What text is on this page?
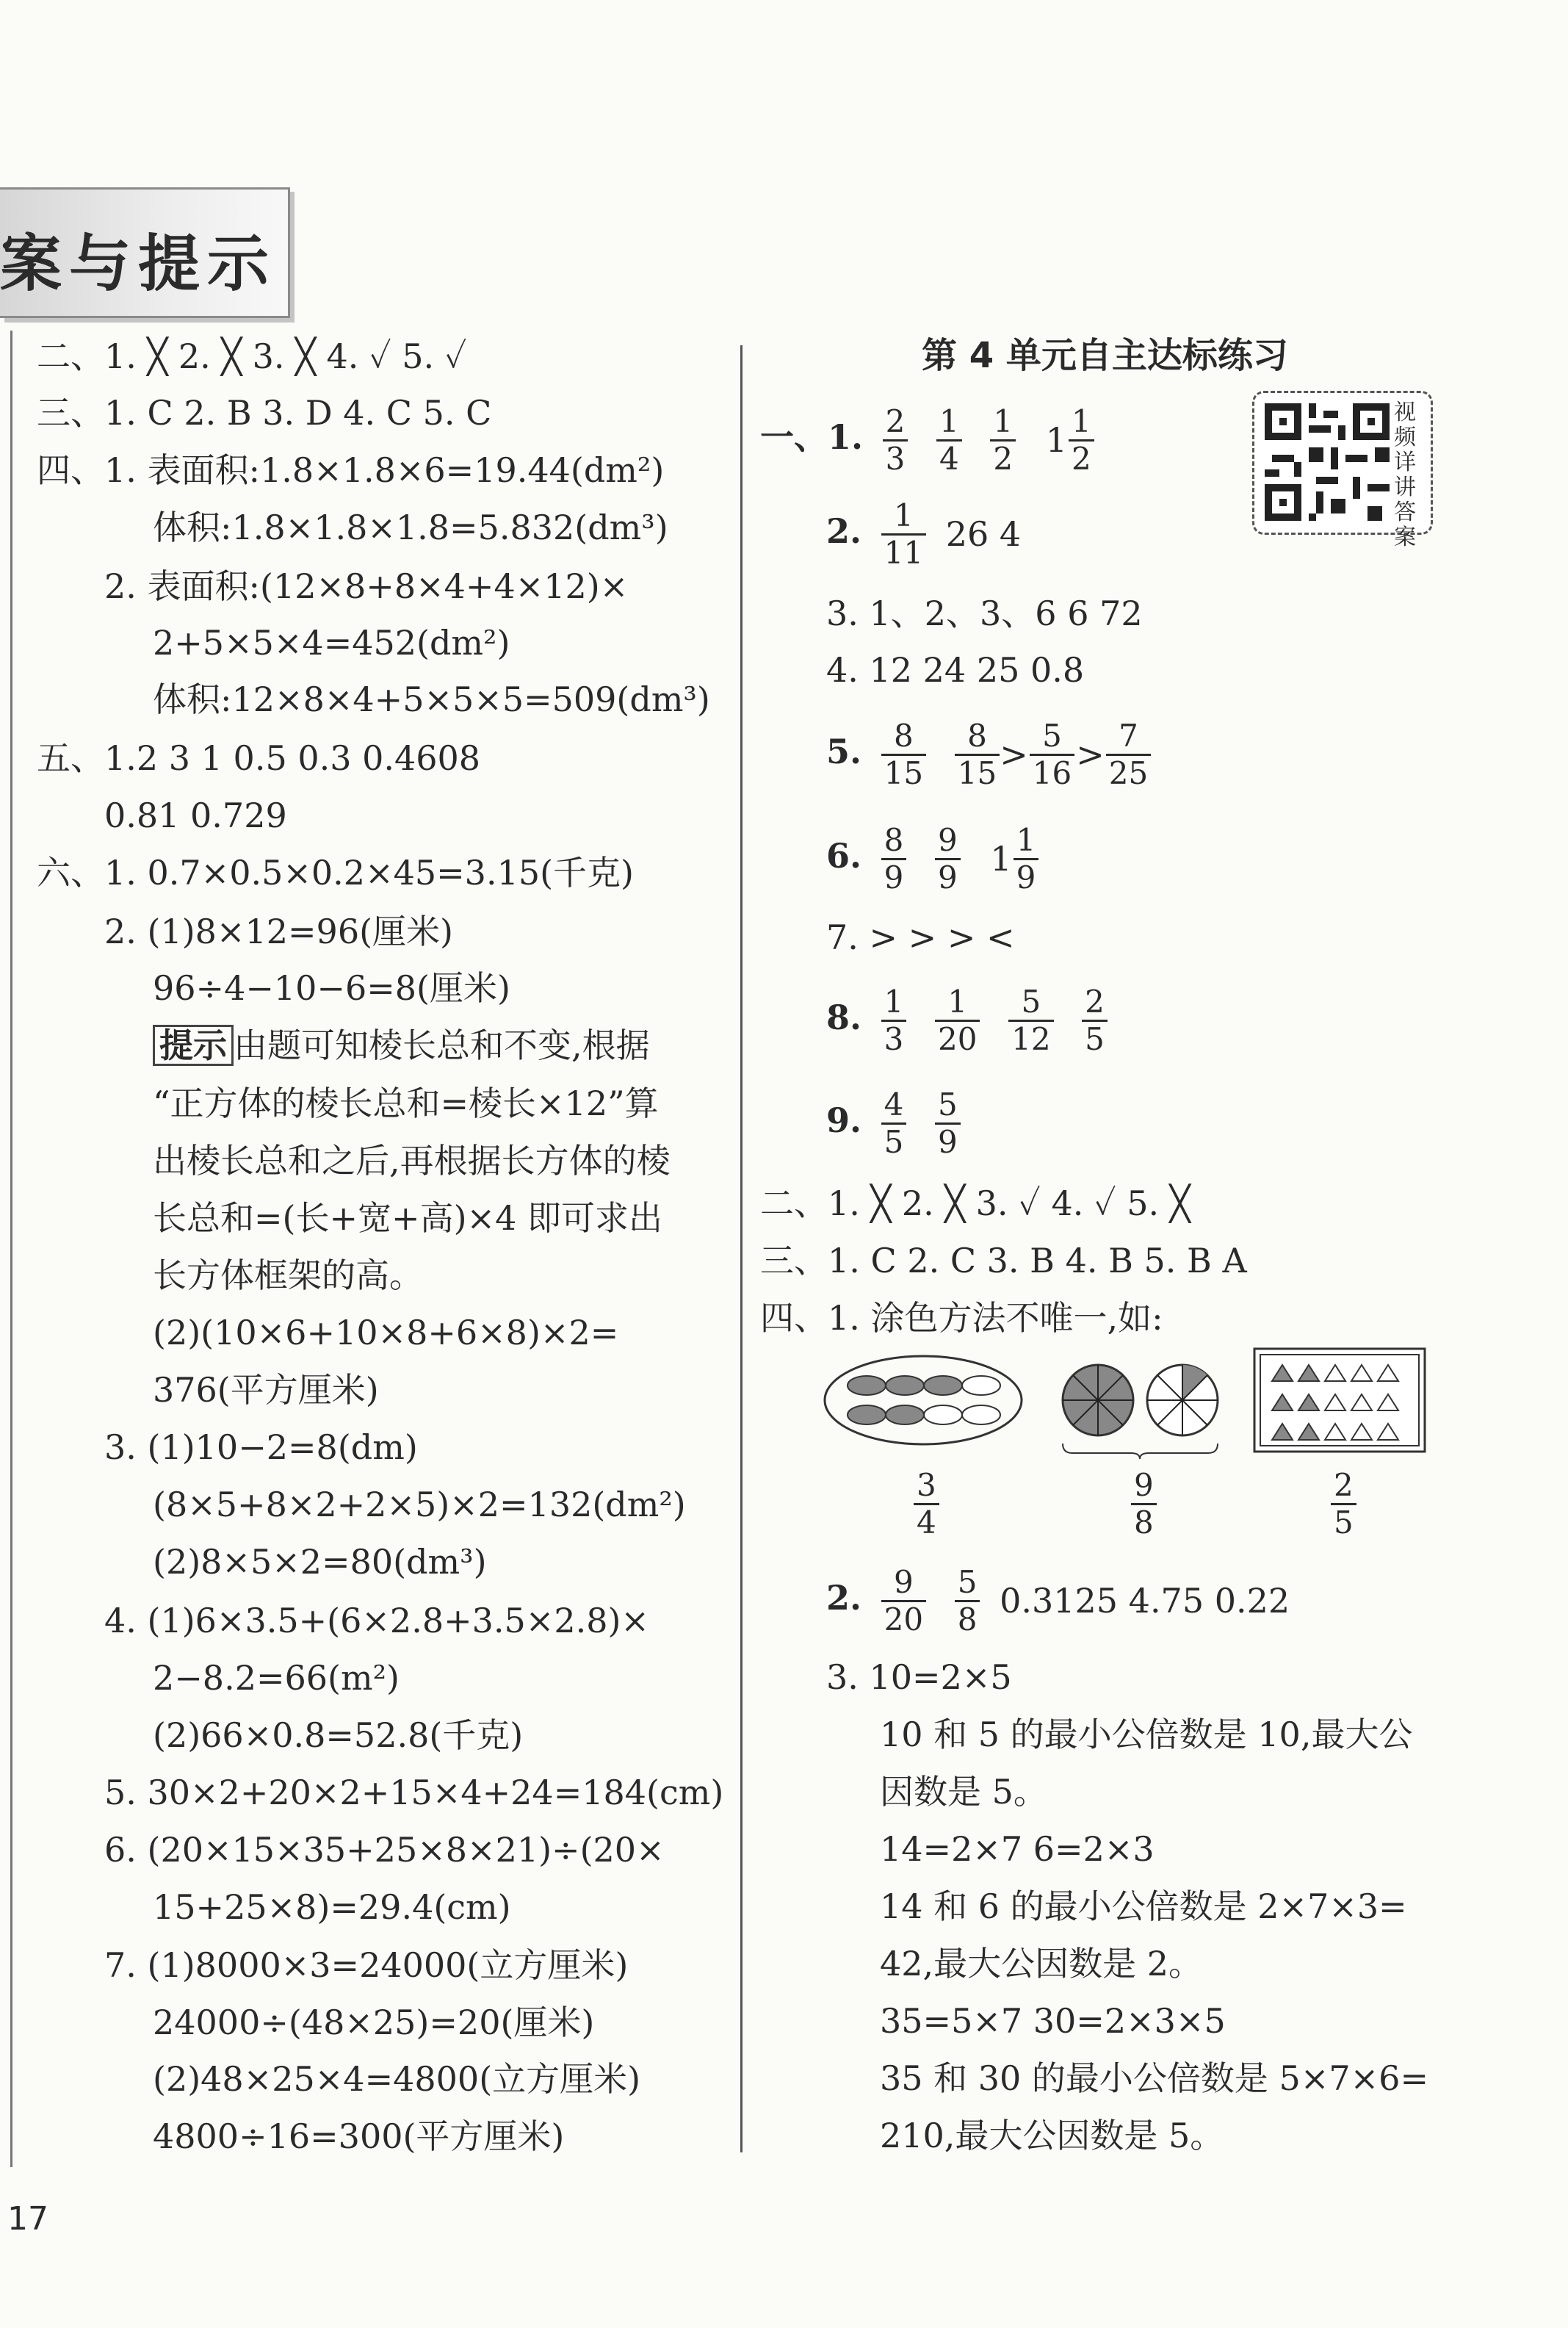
案与提示
二、1. ╳ 2. ╳ 3. ╳ 4. ✓ 5. ✓
三、1. C 2. B 3. D 4. C 5. C
四、1. 表面积:1.8×1.8×6=19.44(dm²)
体积:1.8×1.8×1.8=5.832(dm³)
2. 表面积:(12×8+8×4+4×12)×
2+5×5×4=452(dm²)
体积:12×8×4+5×5×5=509(dm³)
五、1.2 3 1 0.5 0.3 0.4608
0.81 0.729
六、1. 0.7×0.5×0.2×45=3.15(千克)
2. (1)8×12=96(厘米)
96÷4−10−6=8(厘米)
提示 由题可知棱长总和不变,根据
“正方体的棱长总和=棱长×12”算
出棱长总和之后,再根据长方体的棱
长总和=(长+宽+高)×4 即可求出
长方体框架的高。
(2)(10×6+10×8+6×8)×2=
376(平方厘米)
3. (1)10−2=8(dm)
(8×5+8×2+2×5)×2=132(dm²)
(2)8×5×2=80(dm³)
4. (1)6×3.5+(6×2.8+3.5×2.8)×
2−8.2=66(m²)
(2)66×0.8=52.8(千克)
5. 30×2+20×2+15×4+24=184(cm)
6. (20×15×35+25×8×21)÷(20×
15+25×8)=29.4(cm)
7. (1)8000×3=24000(立方厘米)
24000÷(48×25)=20(厘米)
(2)48×25×4=4800(立方厘米)
4800÷16=300(平方厘米)
第 4 单元自主达标练习
视频详讲答案
一、1. $\frac{2}{3}$
$\frac{1}{4}$
$\frac{1}{2} 1 \frac{1}{2}$
2. $\frac{1}{11} 26$ 4
3. 1、2、3、6 6 72
4. 12 24 25 0.8
5. $\frac{8}{15}$
$\frac{8}{15} > \frac{5}{16} > \frac{7}{25}$
6. $\frac{8}{9}$
$\frac{9}{9} 1 \frac{1}{9}$
7. > > > <
8. $\frac{1}{3}$
$\frac{1}{20}$
$\frac{5}{12}$
$\frac{2}{5}$
9. $\frac{4}{5}$
$\frac{5}{9}$
二、1. ╳ 2. ╳ 3. ✓ 4. ✓ 5. ╳
三、1. C 2. C 3. B 4. B 5. B A
四、1. 涂色方法不唯一,如:
$\frac{3}{4}$	$\frac{9}{8}$	$\frac{2}{5}$
2. $\frac{9}{20}$
$\frac{5}{8} 0.3125$ 4.75 0.22
3. 10=2×5
10 和 5 的最小公倍数是 10,最大公
因数是 5。
14=2×7 6=2×3
14 和 6 的最小公倍数是 2×7×3=
42,最大公因数是 2。
35=5×7 30=2×3×5
35 和 30 的最小公倍数是 5×7×6=
210,最大公因数是 5。
17
